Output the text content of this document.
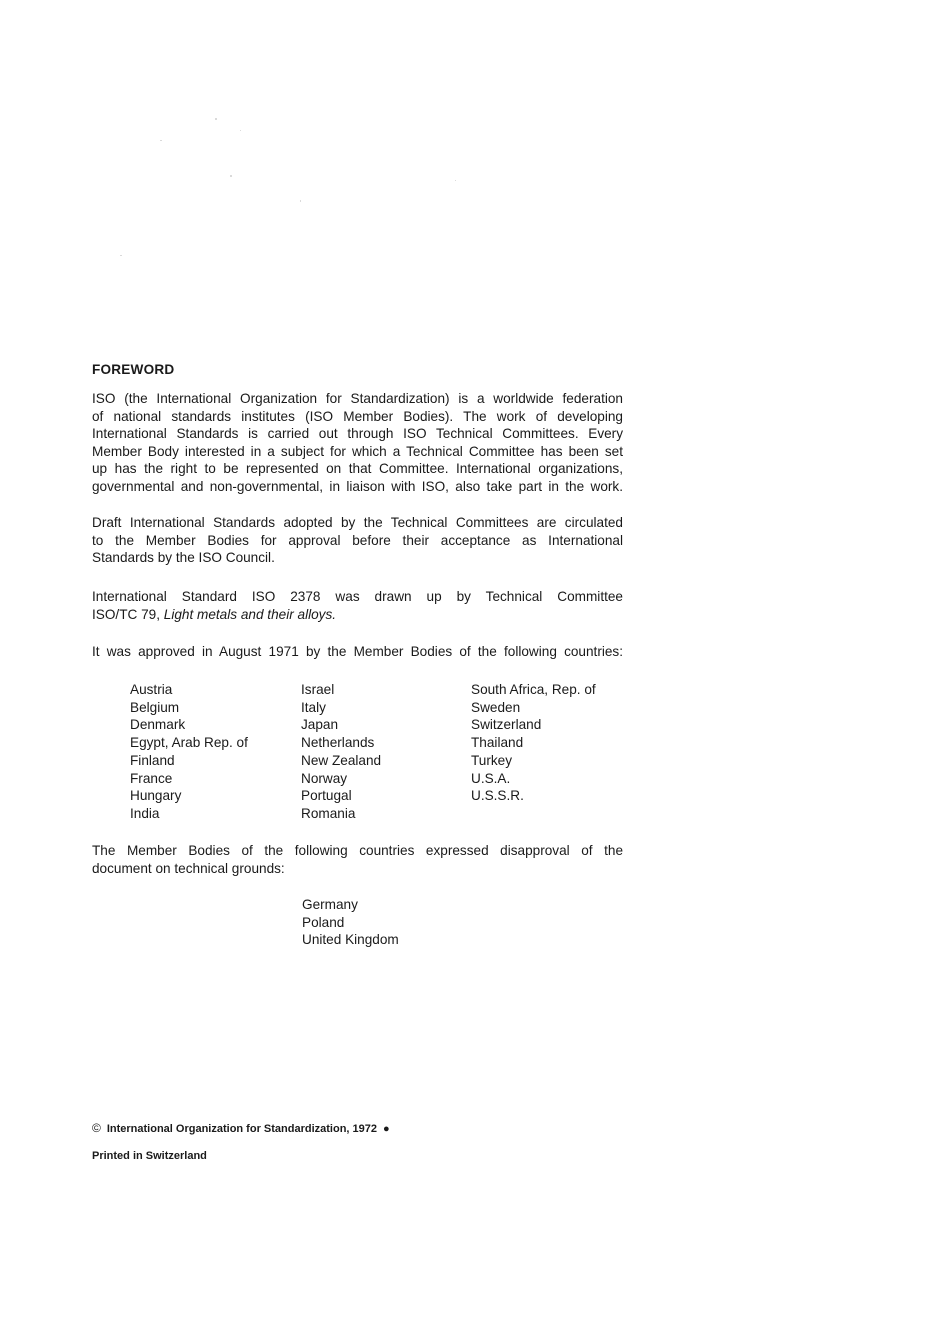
FOREWORD
ISO (the International Organization for Standardization) is a worldwide federation
of national standards institutes (ISO Member Bodies). The work of developing
International Standards is carried out through ISO Technical Committees. Every
Member Body interested in a subject for which a Technical Committee has been set
up has the right to be represented on that Committee. International organizations,
governmental and non-governmental, in liaison with ISO, also take part in the work.
Draft International Standards adopted by the Technical Committees are circulated
to the Member Bodies for approval before their acceptance as International
Standards by the ISO Council.
International Standard ISO 2378 was drawn up by Technical Committee
ISO/TC 79, Light metals and their alloys.
It was approved in August 1971 by the Member Bodies of the following countries:
Austria
Belgium
Denmark
Egypt, Arab Rep. of
Finland
France
Hungary
India
Israel
Italy
Japan
Netherlands
New Zealand
Norway
Portugal
Romania
South Africa, Rep. of
Sweden
Switzerland
Thailand
Turkey
U.S.A.
U.S.S.R.
The Member Bodies of the following countries expressed disapproval of the
document on technical grounds:
Germany
Poland
United Kingdom
© International Organization for Standardization, 1972 ●
Printed in Switzerland
